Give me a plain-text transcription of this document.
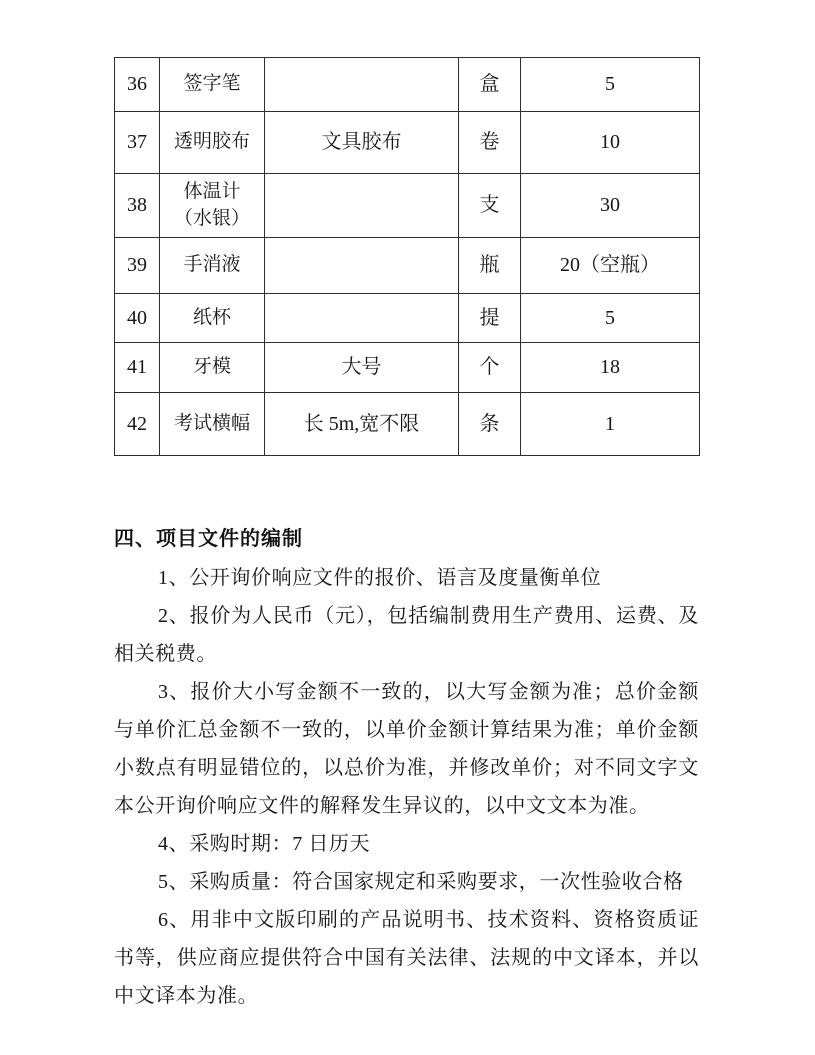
36	签字笔		盒	5
37	透明胶布	文具胶布	卷	10
38	体温计（水银）		支	30
39	手消液		瓶	20（空瓶）
40	纸杯		提	5
41	牙模	大号	个	18
42	考试横幅	长 5m,宽不限	条	1
四、项目文件的编制

1、公开询价响应文件的报价、语言及度量衡单位

2、报价为人民币（元），包括编制费用生产费用、运费、及相关税费。

3、报价大小写金额不一致的，以大写金额为准；总价金额与单价汇总金额不一致的，以单价金额计算结果为准；单价金额小数点有明显错位的，以总价为准，并修改单价；对不同文字文本公开询价响应文件的解释发生异议的，以中文文本为准。

4、采购时期：7 日历天

5、采购质量：符合国家规定和采购要求，一次性验收合格

6、用非中文版印刷的产品说明书、技术资料、资格资质证书等，供应商应提供符合中国有关法律、法规的中文译本，并以中文译本为准。
